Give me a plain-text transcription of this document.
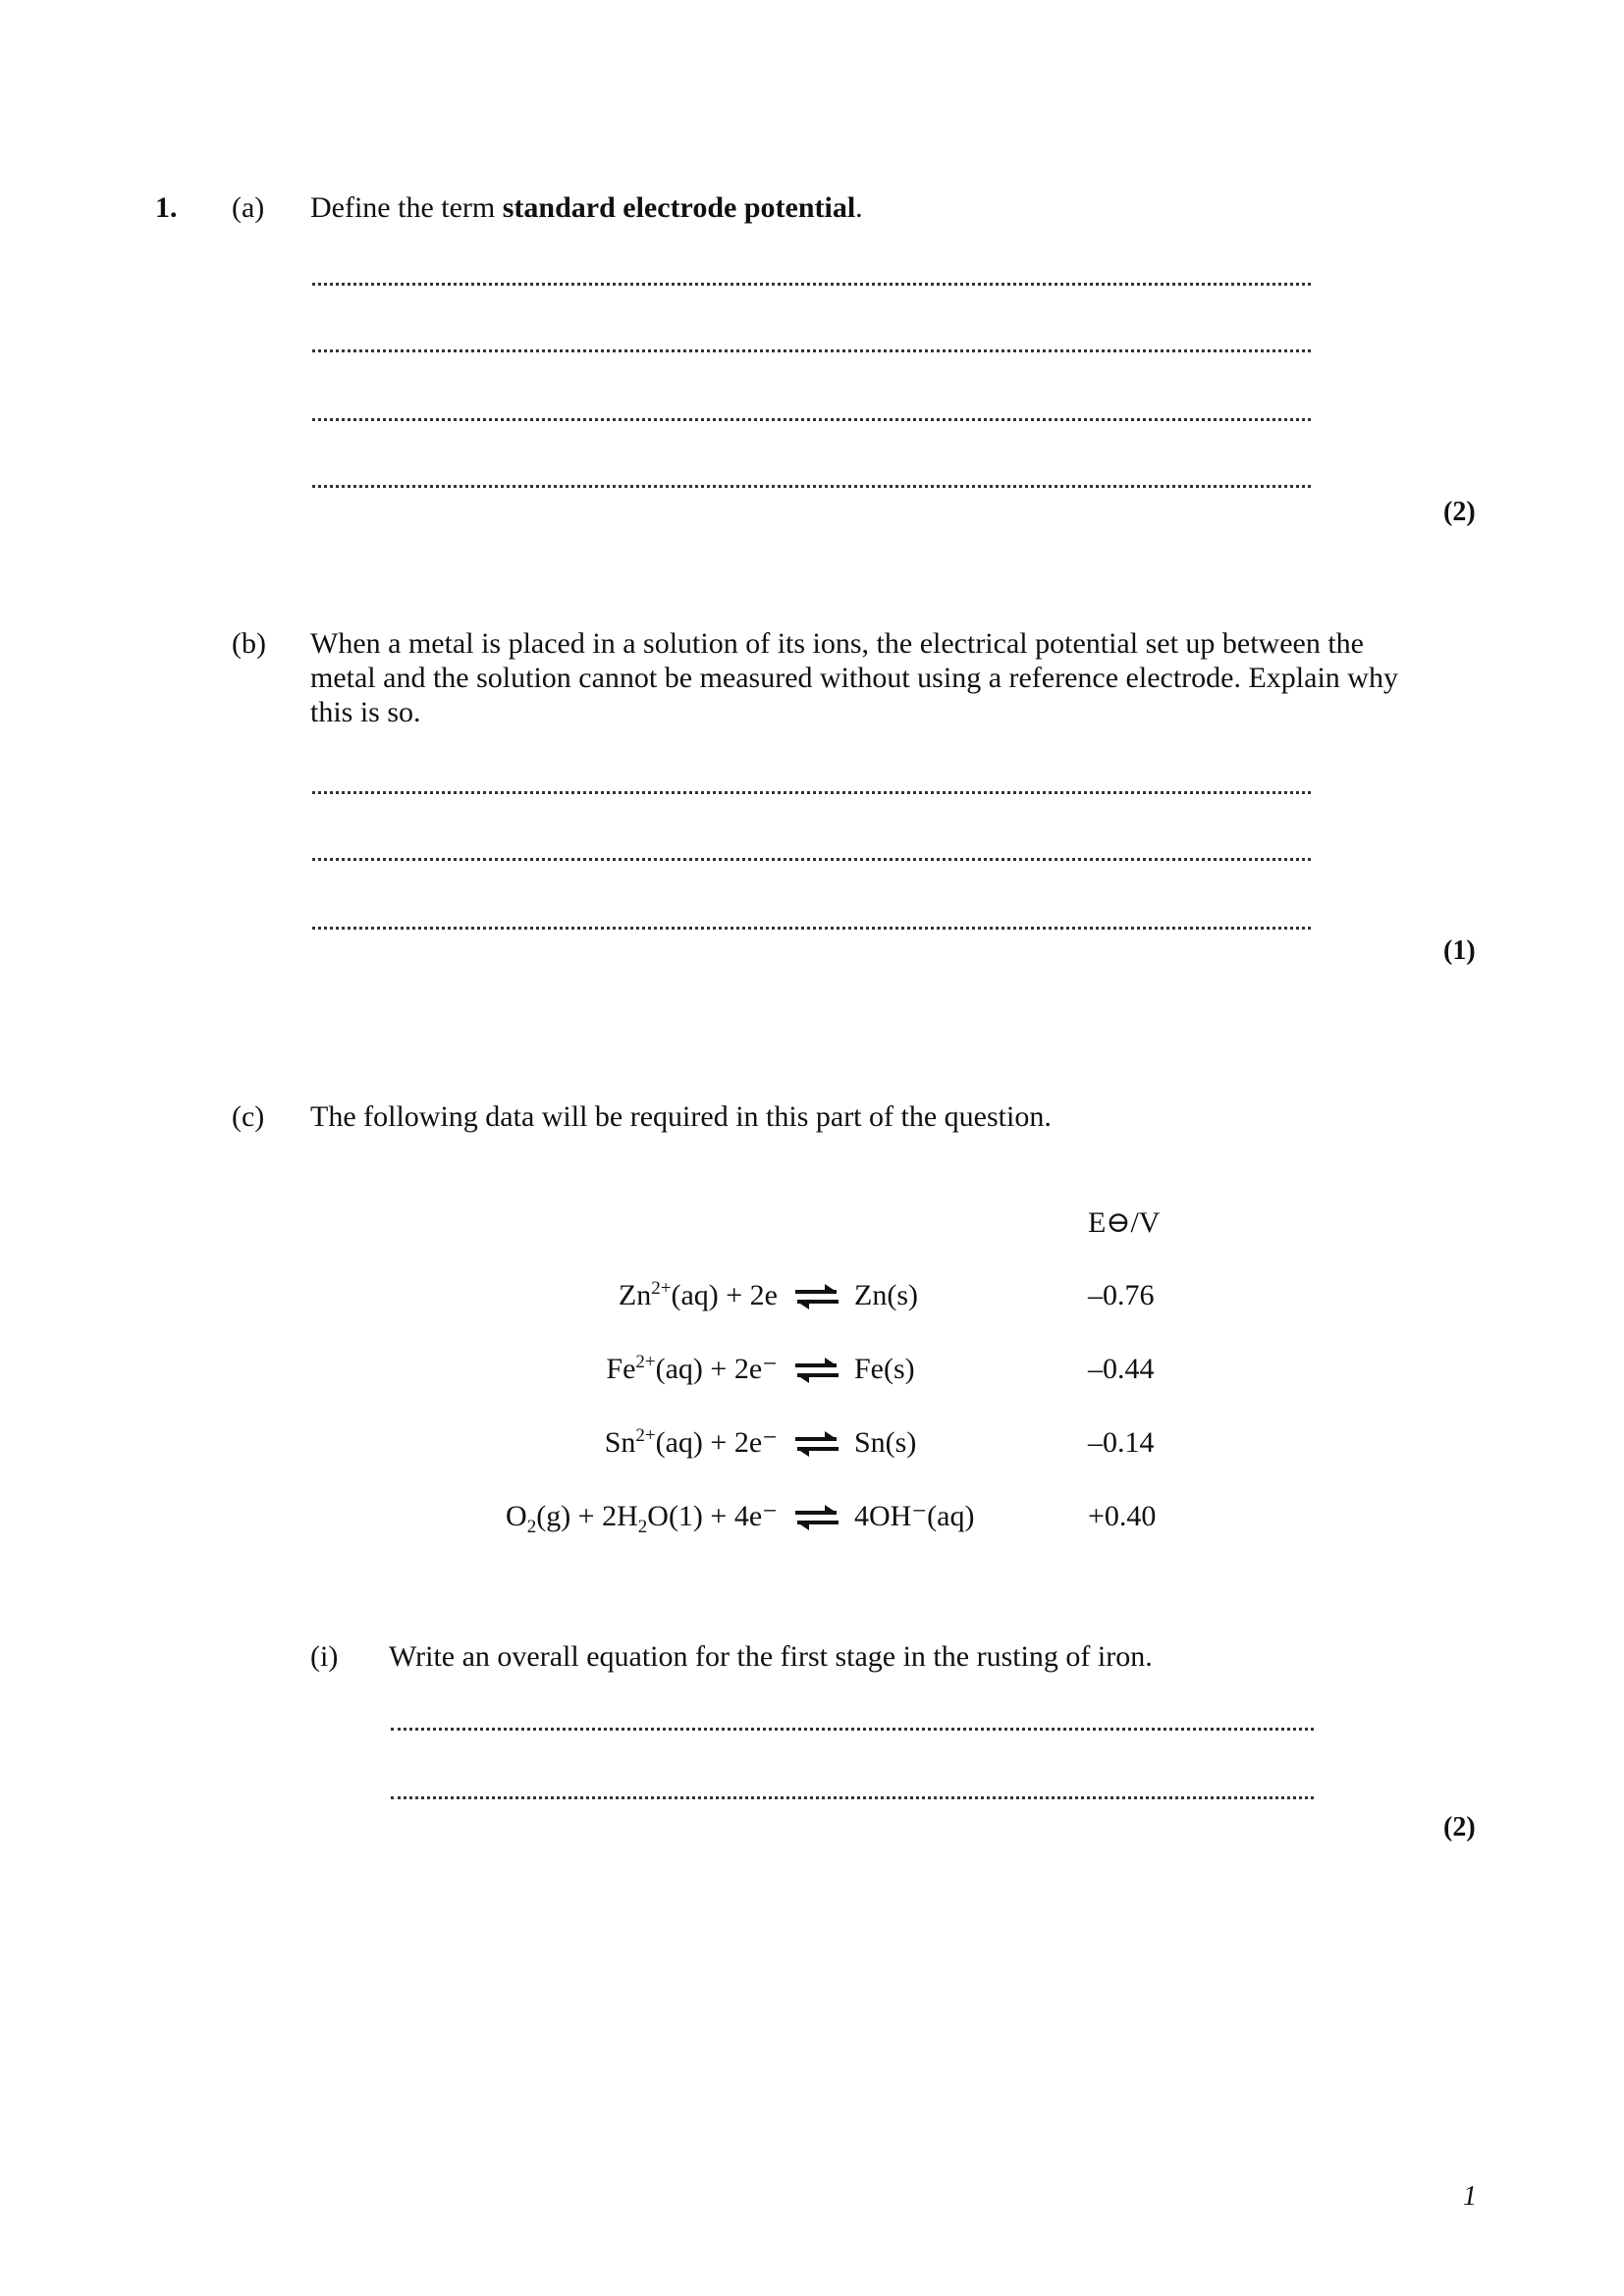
1. (a) Define the term standard electrode potential.
(2)
(b) When a metal is placed in a solution of its ions, the electrical potential set up between the metal and the solution cannot be measured without using a reference electrode. Explain why this is so.
(1)
(c) The following data will be required in this part of the question.
E⊖/V
$Zn^{2+}(aq) + 2e$ ⇌ Zn(s)	–0.76
$Fe^{2+}(aq) + 2e^-$ ⇌ Fe(s)	–0.44
$Sn^{2+}(aq) + 2e^-$ ⇌ Sn(s)	–0.14
$O_2(g) + 2H_2O(1) + 4e^-$ ⇌ 4OH⁻(aq)	+0.40
(i) Write an overall equation for the first stage in the rusting of iron.
(2)
1
